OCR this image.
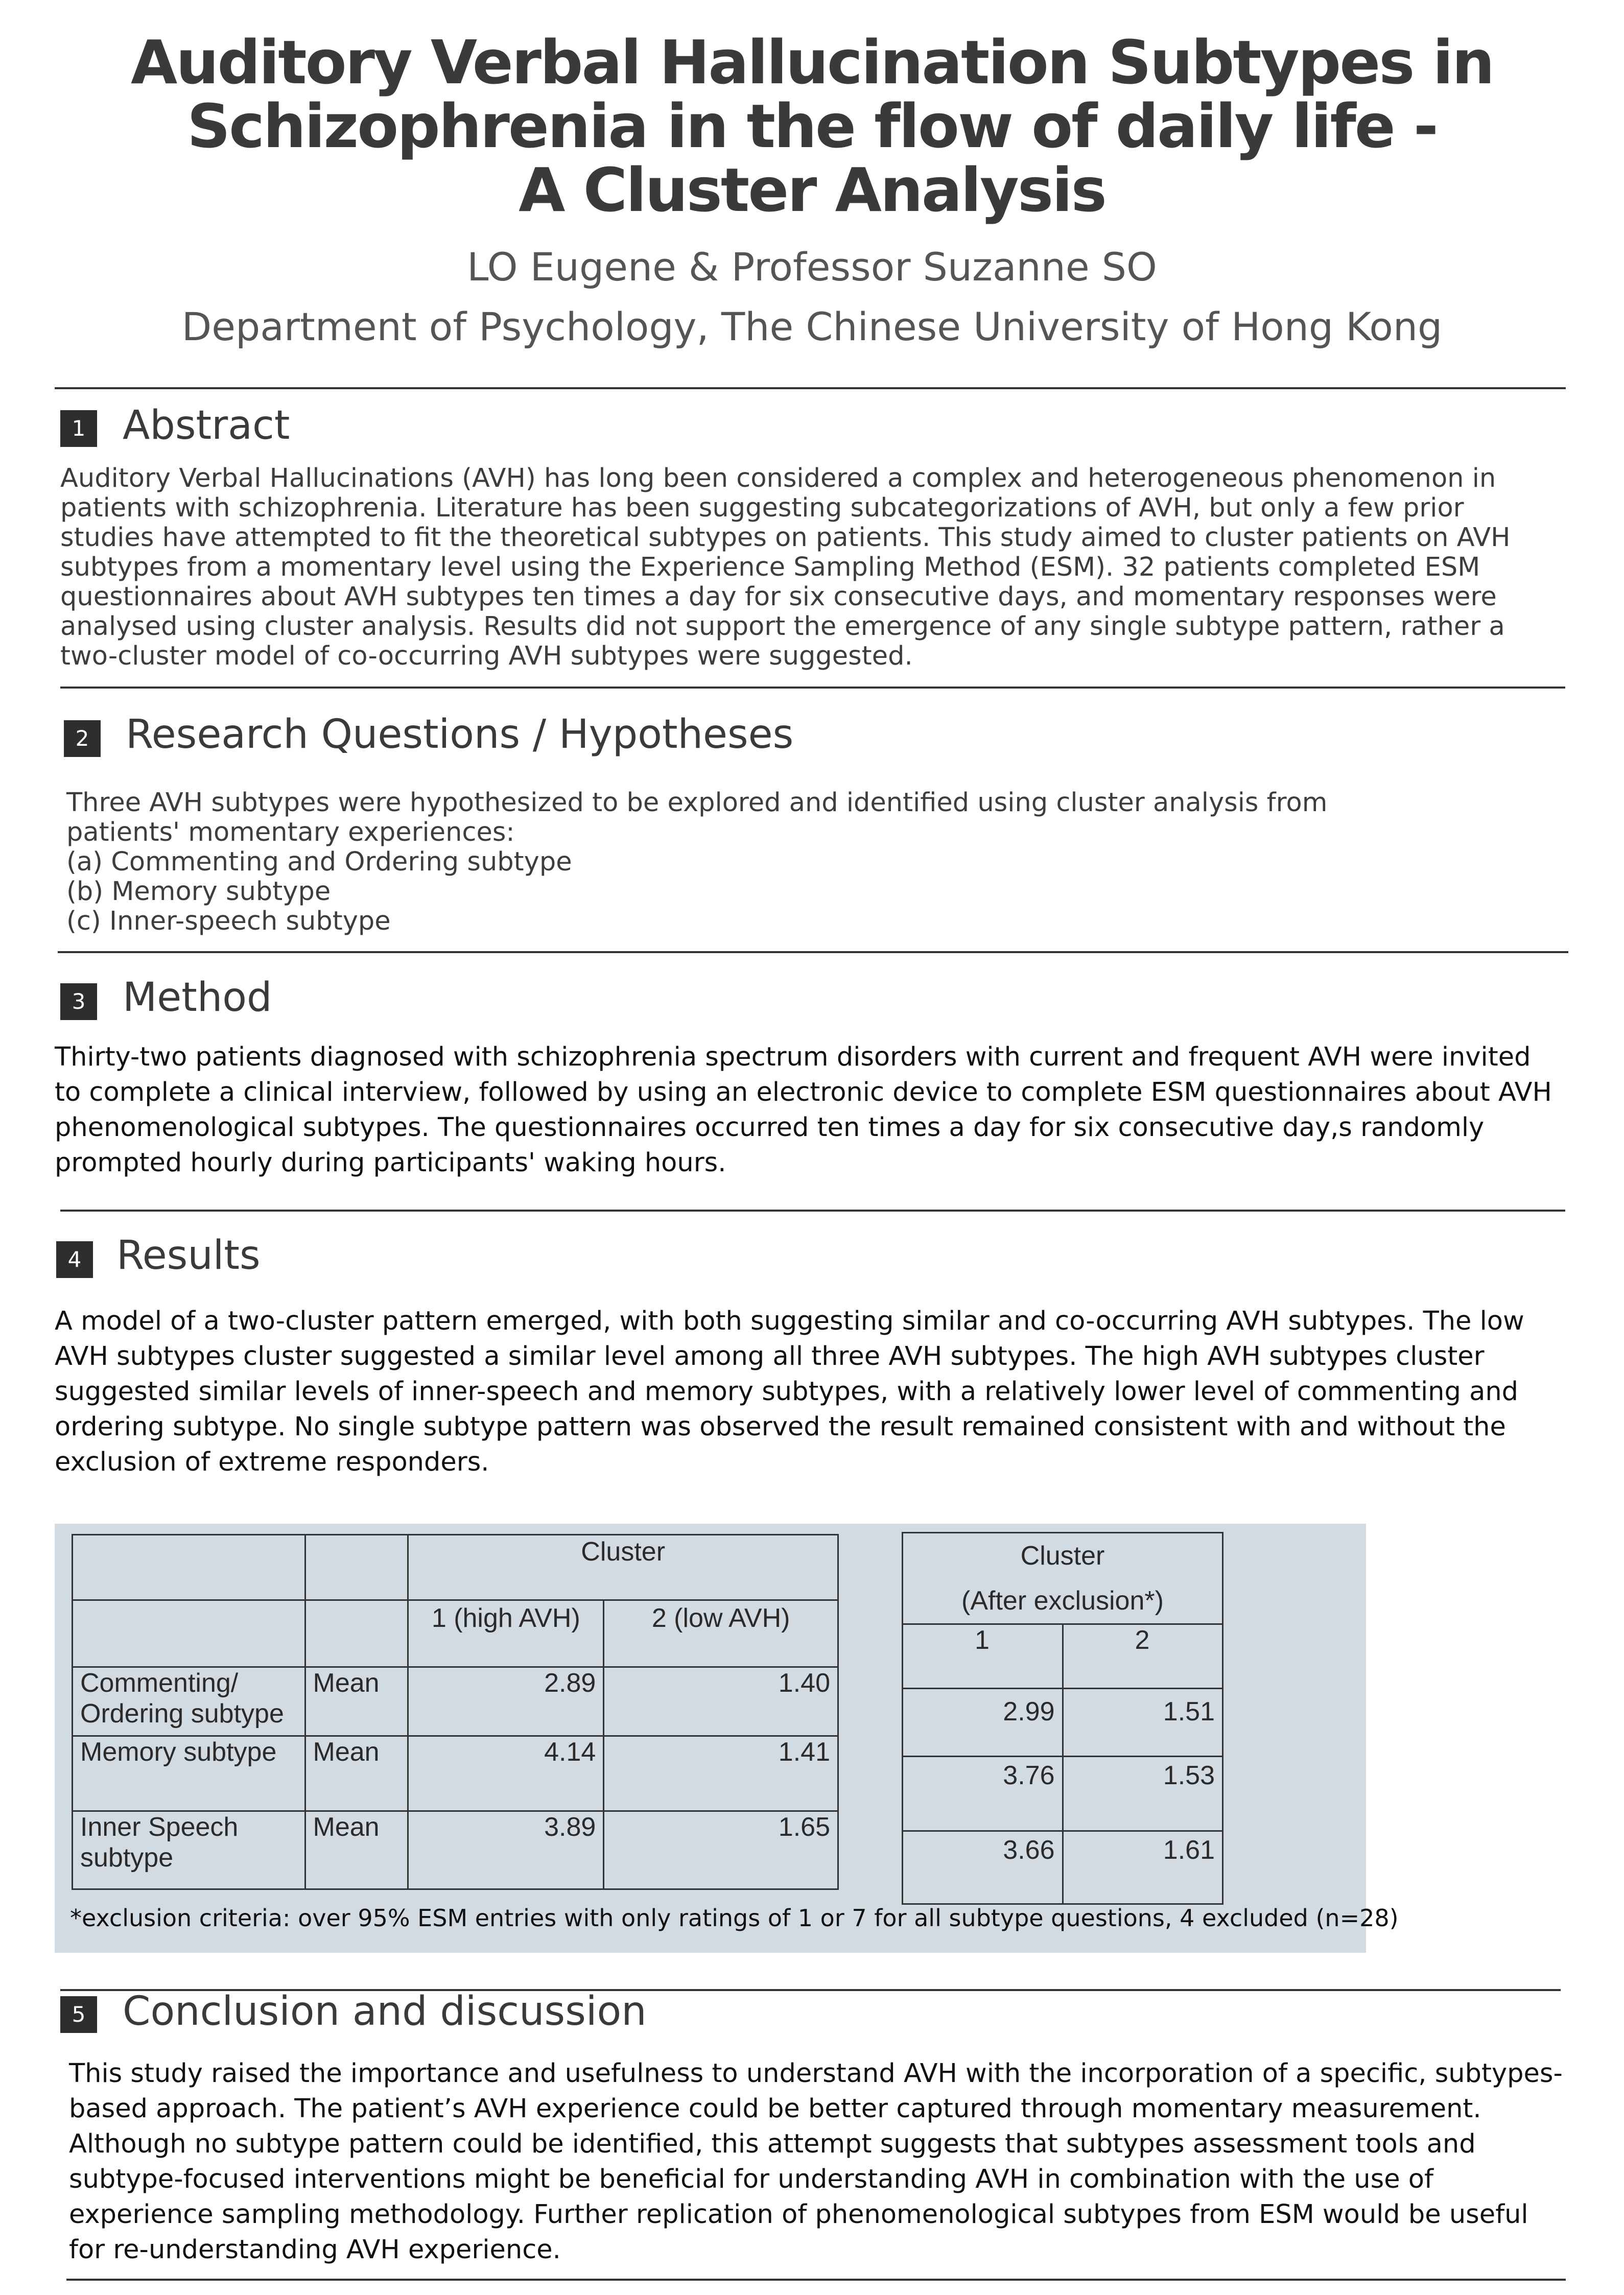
Auditory Verbal Hallucination Subtypes in
Schizophrenia in the flow of daily life -
A Cluster Analysis
LO Eugene & Professor Suzanne SO
Department of Psychology, The Chinese University of Hong Kong
1 Abstract
Auditory Verbal Hallucinations (AVH) has long been considered a complex and heterogeneous phenomenon in patients with schizophrenia. Literature has been suggesting subcategorizations of AVH, but only a few prior studies have attempted to fit the theoretical subtypes on patients. This study aimed to cluster patients on AVH subtypes from a momentary level using the Experience Sampling Method (ESM). 32 patients completed ESM questionnaires about AVH subtypes ten times a day for six consecutive days, and momentary responses were analysed using cluster analysis. Results did not support the emergence of any single subtype pattern, rather a two-cluster model of co-occurring AVH subtypes were suggested.
2 Research Questions / Hypotheses
Three AVH subtypes were hypothesized to be explored and identified using cluster analysis from
patients' momentary experiences:
(a) Commenting and Ordering subtype
(b) Memory subtype
(c) Inner-speech subtype
3 Method
Thirty-two patients diagnosed with schizophrenia spectrum disorders with current and frequent AVH were invited to complete a clinical interview, followed by using an electronic device to complete ESM questionnaires about AVH phenomenological subtypes. The questionnaires occurred ten times a day for six consecutive day,s randomly prompted hourly during participants' waking hours.
4 Results
A model of a two-cluster pattern emerged, with both suggesting similar and co-occurring AVH subtypes. The low AVH subtypes cluster suggested a similar level among all three AVH subtypes. The high AVH subtypes cluster suggested similar levels of inner-speech and memory subtypes, with a relatively lower level of commenting and ordering subtype. No single subtype pattern was observed the result remained consistent with and without the exclusion of extreme responders.
		Cluster	
		1 (high AVH)	2 (low AVH)
Commenting/ Ordering subtype	Mean	2.89	1.40
Memory subtype	Mean	4.14	1.41
Inner Speech subtype	Mean	3.89	1.65
Cluster
(After exclusion*)	

1	2
2.99	1.51
3.76	1.53
3.66	1.61
*exclusion criteria: over 95% ESM entries with only ratings of 1 or 7 for all subtype questions, 4 excluded (n=28)
5 Conclusion and discussion
This study raised the importance and usefulness to understand AVH with the incorporation of a specific, subtypes-based approach. The patient’s AVH experience could be better captured through momentary measurement. Although no subtype pattern could be identified, this attempt suggests that subtypes assessment tools and subtype-focused interventions might be beneficial for understanding AVH in combination with the use of experience sampling methodology. Further replication of phenomenological subtypes from ESM would be useful for re-understanding AVH experience.
